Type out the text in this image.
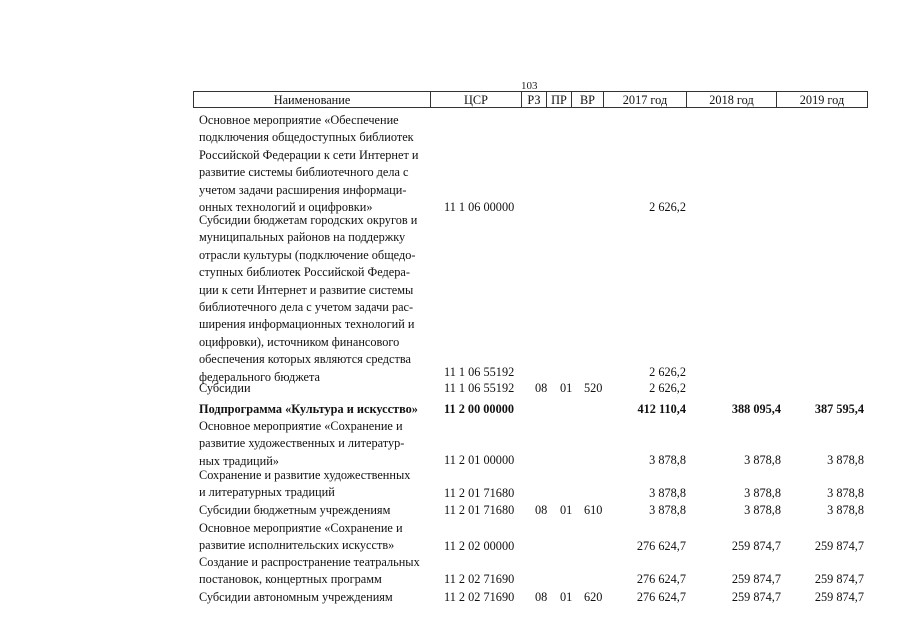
103
Наименование	ЦСР	РЗ ПР	ВР	2017 год	2018 год	2019 год
Основное мероприятие «Обеспечение
подключения общедоступных библиотек
Российской Федерации к сети Интернет и
развитие системы библиотечного дела с
учетом задачи расширения информаци-
онных технологий и оцифровки»	11 1 06 00000	2 626,2
Субсидии бюджетам городских округов и
муниципальных районов на поддержку
отрасли культуры (подключение общедо-
ступных библиотек Российской Федера-
ции к сети Интернет и развитие системы
библиотечного дела с учетом задачи рас-
ширения информационных технологий и
оцифровки), источником финансового
обеспечения которых являются средства
федерального бюджета	11 1 06 55192	2 626,2
Субсидии	11 1 06 55192 08 01 520	2 626,2
Подпрограмма «Культура и искусство»	11 2 00 00000	412 110,4	388 095,4	387 595,4
Основное мероприятие «Сохранение и
развитие художественных и литератур-
ных традиций»	11 2 01 00000	3 878,8	3 878,8	3 878,8
Сохранение и развитие художественных
и литературных традиций	11 2 01 71680	3 878,8	3 878,8	3 878,8
Субсидии бюджетным учреждениям	11 2 01 71680 08 01 610	3 878,8	3 878,8	3 878,8
Основное мероприятие «Сохранение и
развитие исполнительских искусств»	11 2 02 00000	276 624,7	259 874,7	259 874,7
Создание и распространение театральных
постановок, концертных программ	11 2 02 71690	276 624,7	259 874,7	259 874,7
Субсидии автономным учреждениям	11 2 02 71690 08 01 620	276 624,7	259 874,7	259 874,7
